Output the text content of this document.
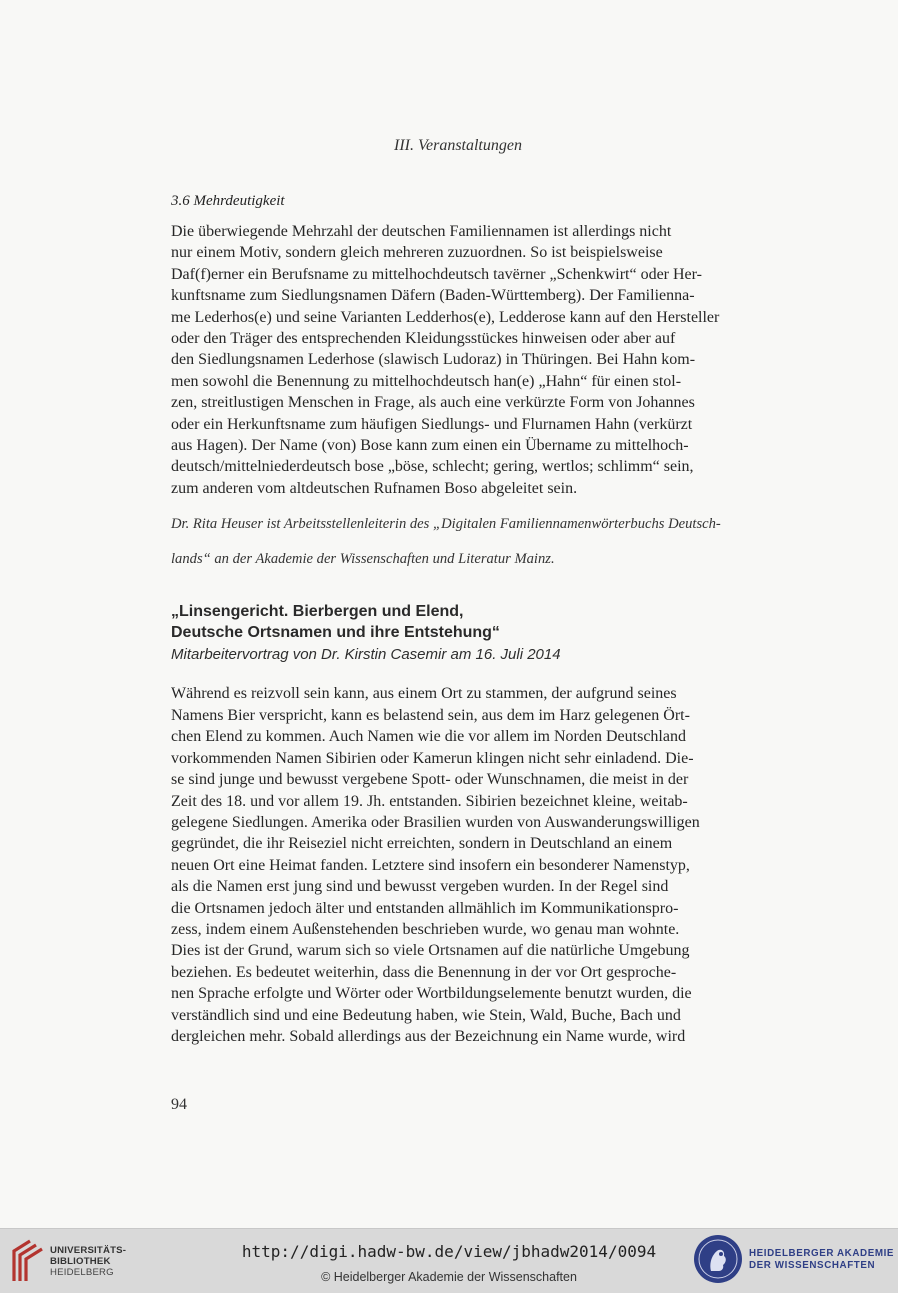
III. Veranstaltungen
3.6 Mehrdeutigkeit

Die überwiegende Mehrzahl der deutschen Familiennamen ist allerdings nicht

nur einem Motiv, sondern gleich mehreren zuzuordnen. So ist beispielsweise

Daf(f)erner ein Berufsname zu mittelhochdeutsch tavërner „Schenkwirt“ oder Her-

kunftsname zum Siedlungsnamen Däfern (Baden-Württemberg). Der Familienna-

me Lederhos(e) und seine Varianten Ledderhos(e), Ledderose kann auf den Hersteller

oder den Träger des entsprechenden Kleidungsstückes hinweisen oder aber auf

den Siedlungsnamen Lederhose (slawisch Ludoraz) in Thüringen. Bei Hahn kom-

men sowohl die Benennung zu mittelhochdeutsch han(e) „Hahn“ für einen stol-

zen, streitlustigen Menschen in Frage, als auch eine verkürzte Form von Johannes

oder ein Herkunftsname zum häufigen Siedlungs- und Flurnamen Hahn (verkürzt

aus Hagen). Der Name (von) Bose kann zum einen ein Übername zu mittelhoch-

deutsch/mittelniederdeutsch bose „böse, schlecht; gering, wertlos; schlimm“ sein,

zum anderen vom altdeutschen Rufnamen Boso abgeleitet sein.

Dr. Rita Heuser ist Arbeitsstellenleiterin des „Digitalen Familiennamenwörterbuchs Deutsch-

lands“ an der Akademie der Wissenschaften und Literatur Mainz.

„Linsengericht. Bierbergen und Elend,
Deutsche Ortsnamen und ihre Entstehung“
Mitarbeitervortrag von Dr. Kirstin Casemir am 16. Juli 2014

Während es reizvoll sein kann, aus einem Ort zu stammen, der aufgrund seines

Namens Bier verspricht, kann es belastend sein, aus dem im Harz gelegenen Ört-

chen Elend zu kommen. Auch Namen wie die vor allem im Norden Deutschland

vorkommenden Namen Sibirien oder Kamerun klingen nicht sehr einladend. Die-

se sind junge und bewusst vergebene Spott- oder Wunschnamen, die meist in der

Zeit des 18. und vor allem 19. Jh. entstanden. Sibirien bezeichnet kleine, weitab-

gelegene Siedlungen. Amerika oder Brasilien wurden von Auswanderungswilligen

gegründet, die ihr Reiseziel nicht erreichten, sondern in Deutschland an einem

neuen Ort eine Heimat fanden. Letztere sind insofern ein besonderer Namenstyp,

als die Namen erst jung sind und bewusst vergeben wurden. In der Regel sind

die Ortsnamen jedoch älter und entstanden allmählich im Kommunikationspro-

zess, indem einem Außenstehenden beschrieben wurde, wo genau man wohnte.

Dies ist der Grund, warum sich so viele Ortsnamen auf die natürliche Umgebung

beziehen. Es bedeutet weiterhin, dass die Benennung in der vor Ort gesproche-

nen Sprache erfolgte und Wörter oder Wortbildungselemente benutzt wurden, die

verständlich sind und eine Bedeutung haben, wie Stein, Wald, Buche, Bach und

dergleichen mehr. Sobald allerdings aus der Bezeichnung ein Name wurde, wird

94
UNIVERSITÄTS-
BIBLIOTHEK
HEIDELBERG
http://digi.hadw-bw.de/view/jbhadw2014/0094
© Heidelberger Akademie der Wissenschaften
HEIDELBERGER AKADEMIE
DER WISSENSCHAFTEN
